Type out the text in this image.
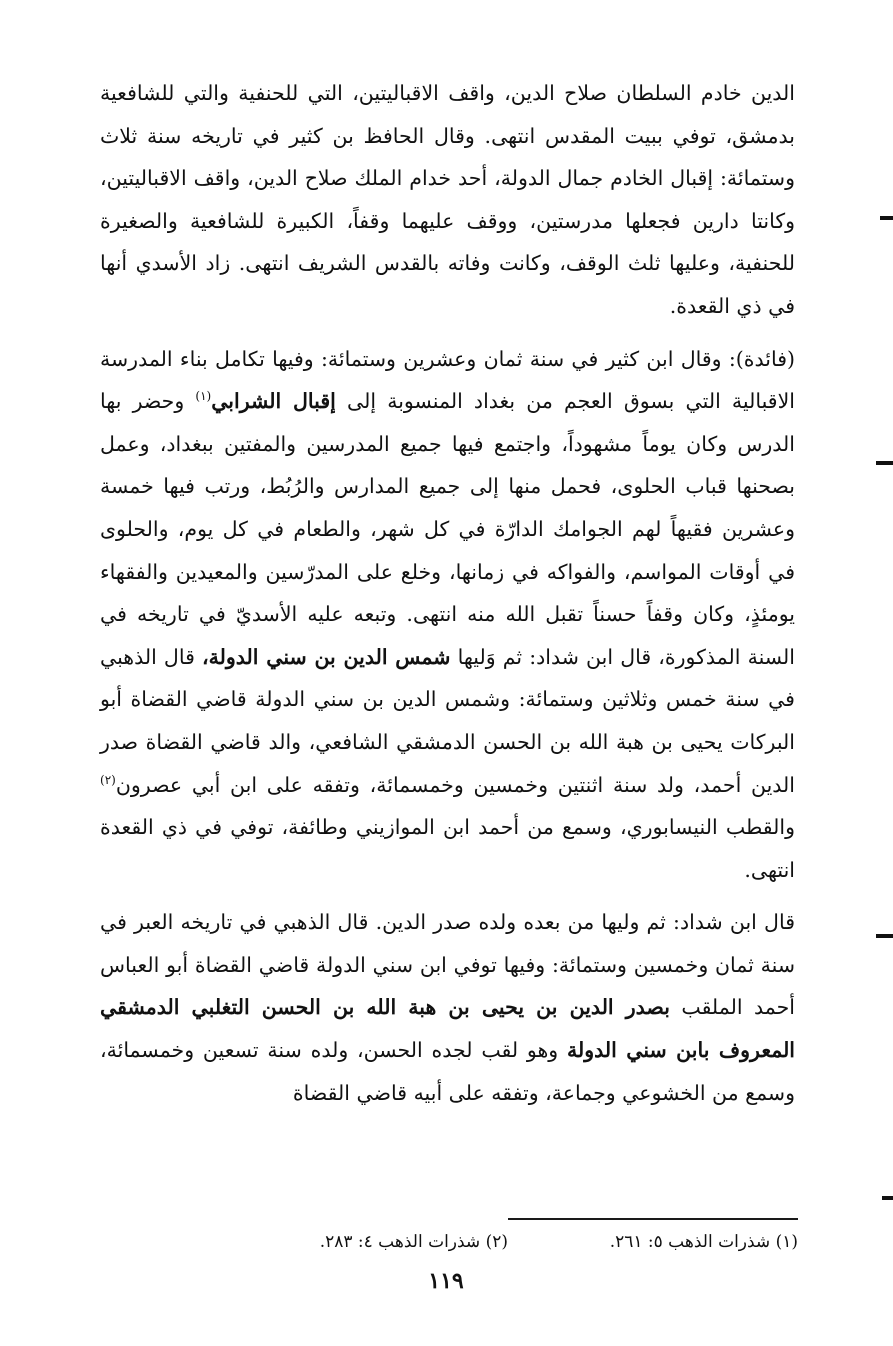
الدين خادم السلطان صلاح الدين، واقف الاقباليتين، التي للحنفية والتي للشافعية بدمشق، توفي ببيت المقدس انتهى. وقال الحافظ بن كثير في تاريخه سنة ثلاث وستمائة: إقبال الخادم جمال الدولة، أحد خدام الملك صلاح الدين، واقف الاقباليتين، وكانتا دارين فجعلها مدرستين، ووقف عليهما وقفاً، الكبيرة للشافعية والصغيرة للحنفية، وعليها ثلث الوقف، وكانت وفاته بالقدس الشريف انتهى. زاد الأسدي أنها في ذي القعدة.

(فائدة): وقال ابن كثير في سنة ثمان وعشرين وستمائة: وفيها تكامل بناء المدرسة الاقبالية التي بسوق العجم من بغداد المنسوبة إلى إقبال الشرابي$^{(١)}$ وحضر بها الدرس وكان يوماً مشهوداً، واجتمع فيها جميع المدرسين والمفتين ببغداد، وعمل بصحنها قباب الحلوى، فحمل منها إلى جميع المدارس والرُبُط، ورتب فيها خمسة وعشرين فقيهاً لهم الجوامك الدارّة في كل شهر، والطعام في كل يوم، والحلوى في أوقات المواسم، والفواكه في زمانها، وخلع على المدرّسين والمعيدين والفقهاء يومئذٍ، وكان وقفاً حسناً تقبل الله منه انتهى. وتبعه عليه الأسديّ في تاريخه في السنة المذكورة، قال ابن شداد: ثم وَليها شمس الدين بن سني الدولة، قال الذهبي في سنة خمس وثلاثين وستمائة: وشمس الدين بن سني الدولة قاضي القضاة أبو البركات يحيى بن هبة الله بن الحسن الدمشقي الشافعي، والد قاضي القضاة صدر الدين أحمد، ولد سنة اثنتين وخمسين وخمسمائة، وتفقه على ابن أبي عصرون$^{(٢)}$ والقطب النيسابوري، وسمع من أحمد ابن الموازيني وطائفة، توفي في ذي القعدة انتهى.

قال ابن شداد: ثم وليها من بعده ولده صدر الدين. قال الذهبي في تاريخه العبر في سنة ثمان وخمسين وستمائة: وفيها توفي ابن سني الدولة قاضي القضاة أبو العباس أحمد الملقب بصدر الدين بن يحيى بن هبة الله بن الحسن التغلبي الدمشقي المعروف بابن سني الدولة وهو لقب لجده الحسن، ولده سنة تسعين وخمسمائة، وسمع من الخشوعي وجماعة، وتفقه على أبيه قاضي القضاة

(١) شذرات الذهب ٥: ٢٦١.(٢) شذرات الذهب ٤: ٢٨٣.
١١٩
